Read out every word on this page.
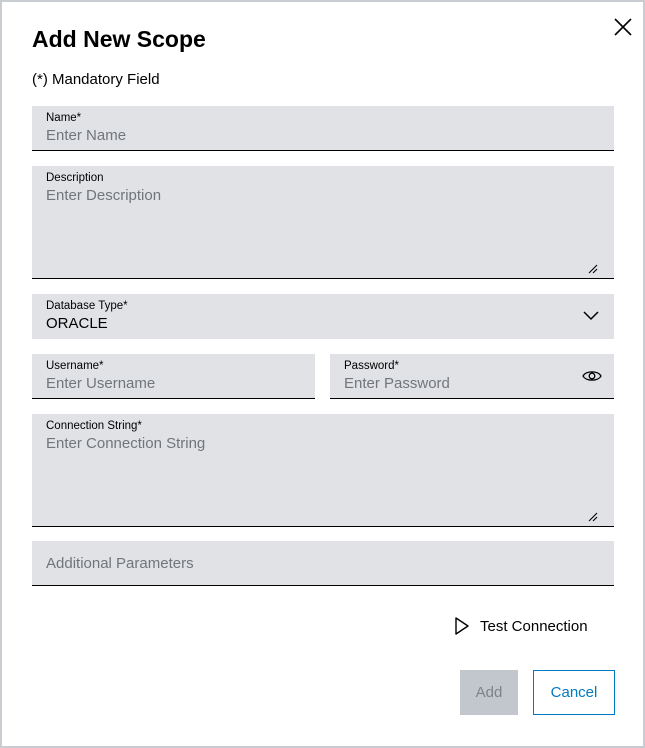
Add New Scope
(*) Mandatory Field
Name*
Enter Name
Description
Enter Description
Database Type*
ORACLE
Username*
Enter Username
Password*
Enter Password
Connection String*
Enter Connection String
Additional Parameters
Test Connection
Add	Cancel
